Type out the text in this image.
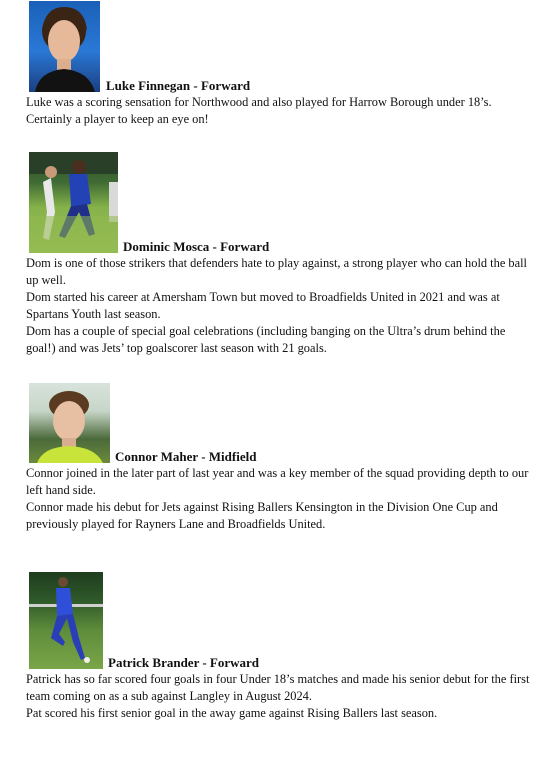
Luke Finnegan - Forward

Luke was a scoring sensation for Northwood and also played for Harrow Borough under 18’s. Certainly a player to keep an eye on!

Dominic Mosca - Forward

Dom is one of those strikers that defenders hate to play against, a strong player who can hold the ball up well.

Dom started his career at Amersham Town but moved to Broadfields United in 2021 and was at Spartans Youth last season.

Dom has a couple of special goal celebrations (including banging on the Ultra’s drum behind the goal!) and was Jets’ top goalscorer last season with 21 goals.

Connor Maher - Midfield

Connor joined in the later part of last year and was a key member of the squad providing depth to our left hand side.

Connor made his debut for Jets against Rising Ballers Kensington in the Division One Cup and previously played for Rayners Lane and Broadfields United.

Patrick Brander - Forward

Patrick has so far scored four goals in four Under 18’s matches and made his senior debut for the first team coming on as a sub against Langley in August 2024.

Pat scored his first senior goal in the away game against Rising Ballers last season.
